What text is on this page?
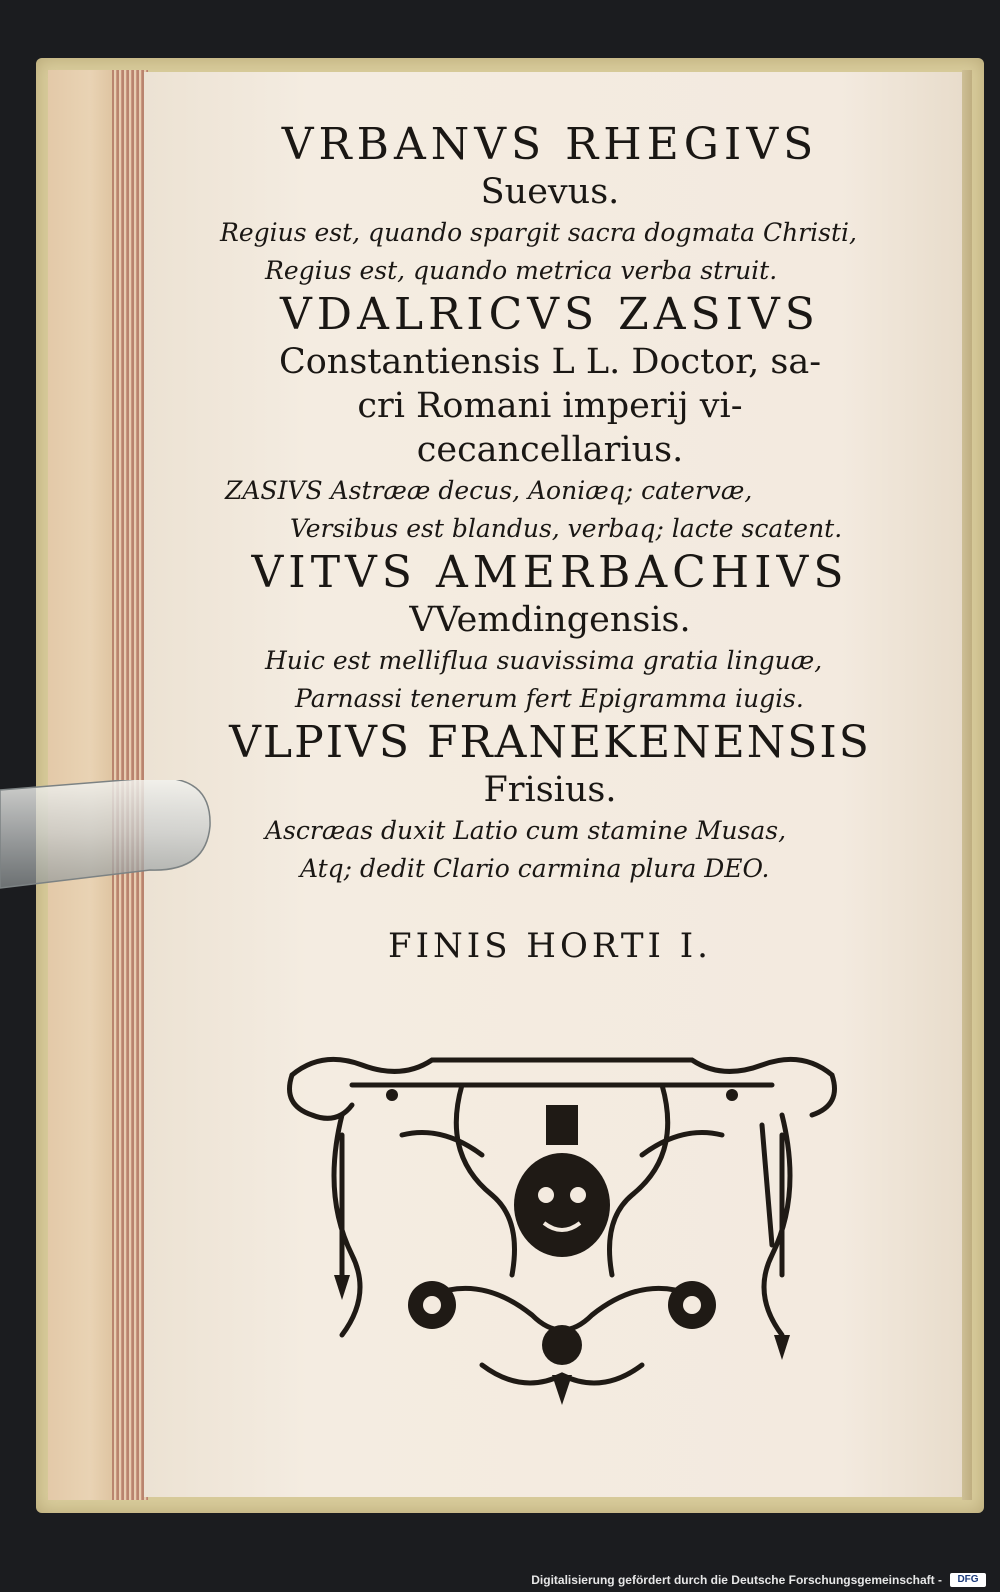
VRBANVS RHEGIVS

Suevus.

Regius est, quando spargit sacra dogmata Christi,

Regius est, quando metrica verba struit.

VDALRICVS ZASIVS

Constantiensis L L. Doctor, sa-

cri Romani imperij vi-

cecancellarius.

ZASIVS Astrææ decus, Aoniæq; catervæ,

Versibus est blandus, verbaq; lacte scatent.

VITVS AMERBACHIVS

VVemdingensis.

Huic est melliflua suavissima gratia linguæ,

Parnassi tenerum fert Epigramma iugis.

VLPIVS FRANEKENENSIS

Frisius.

Ascræas duxit Latio cum stamine Musas,

Atq; dedit Clario carmina plura DEO.

FINIS HORTI I.

Digitalisierung gefördert durch die Deutsche Forschungsgemeinschaft -	DFG
